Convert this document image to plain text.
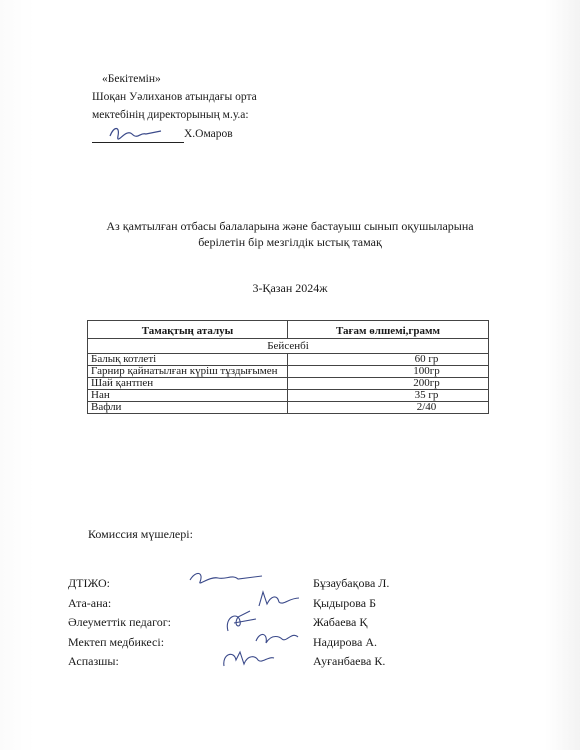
«Бекітемін»
Шоқан Уәлиханов атындағы орта
мектебінің директорының м.у.а:
Х.Омаров
Аз қамтылған отбасы балаларына және бастауыш сынып оқушыларына
берілетін бір мезгілдік ыстық тамақ
3-Қазан 2024ж
Тамақтың аталуы	Тағам өлшемі,грамм
Бейсенбі	
Балық котлеті	60 гр
Гарнир қайнатылған күріш тұздығымен	100гр
Шай қантпен	200гр
Нан	35 гр
Вафли	2/40
Комиссия мүшелері:
ДТІЖО:	Бұзаубақова Л.
Ата-ана:	Қыдырова Б
Әлеуметтік педагог:	Жабаева Қ
Мектеп медбикесі:	Надирова А.
Аспазшы:	Ауғанбаева К.
